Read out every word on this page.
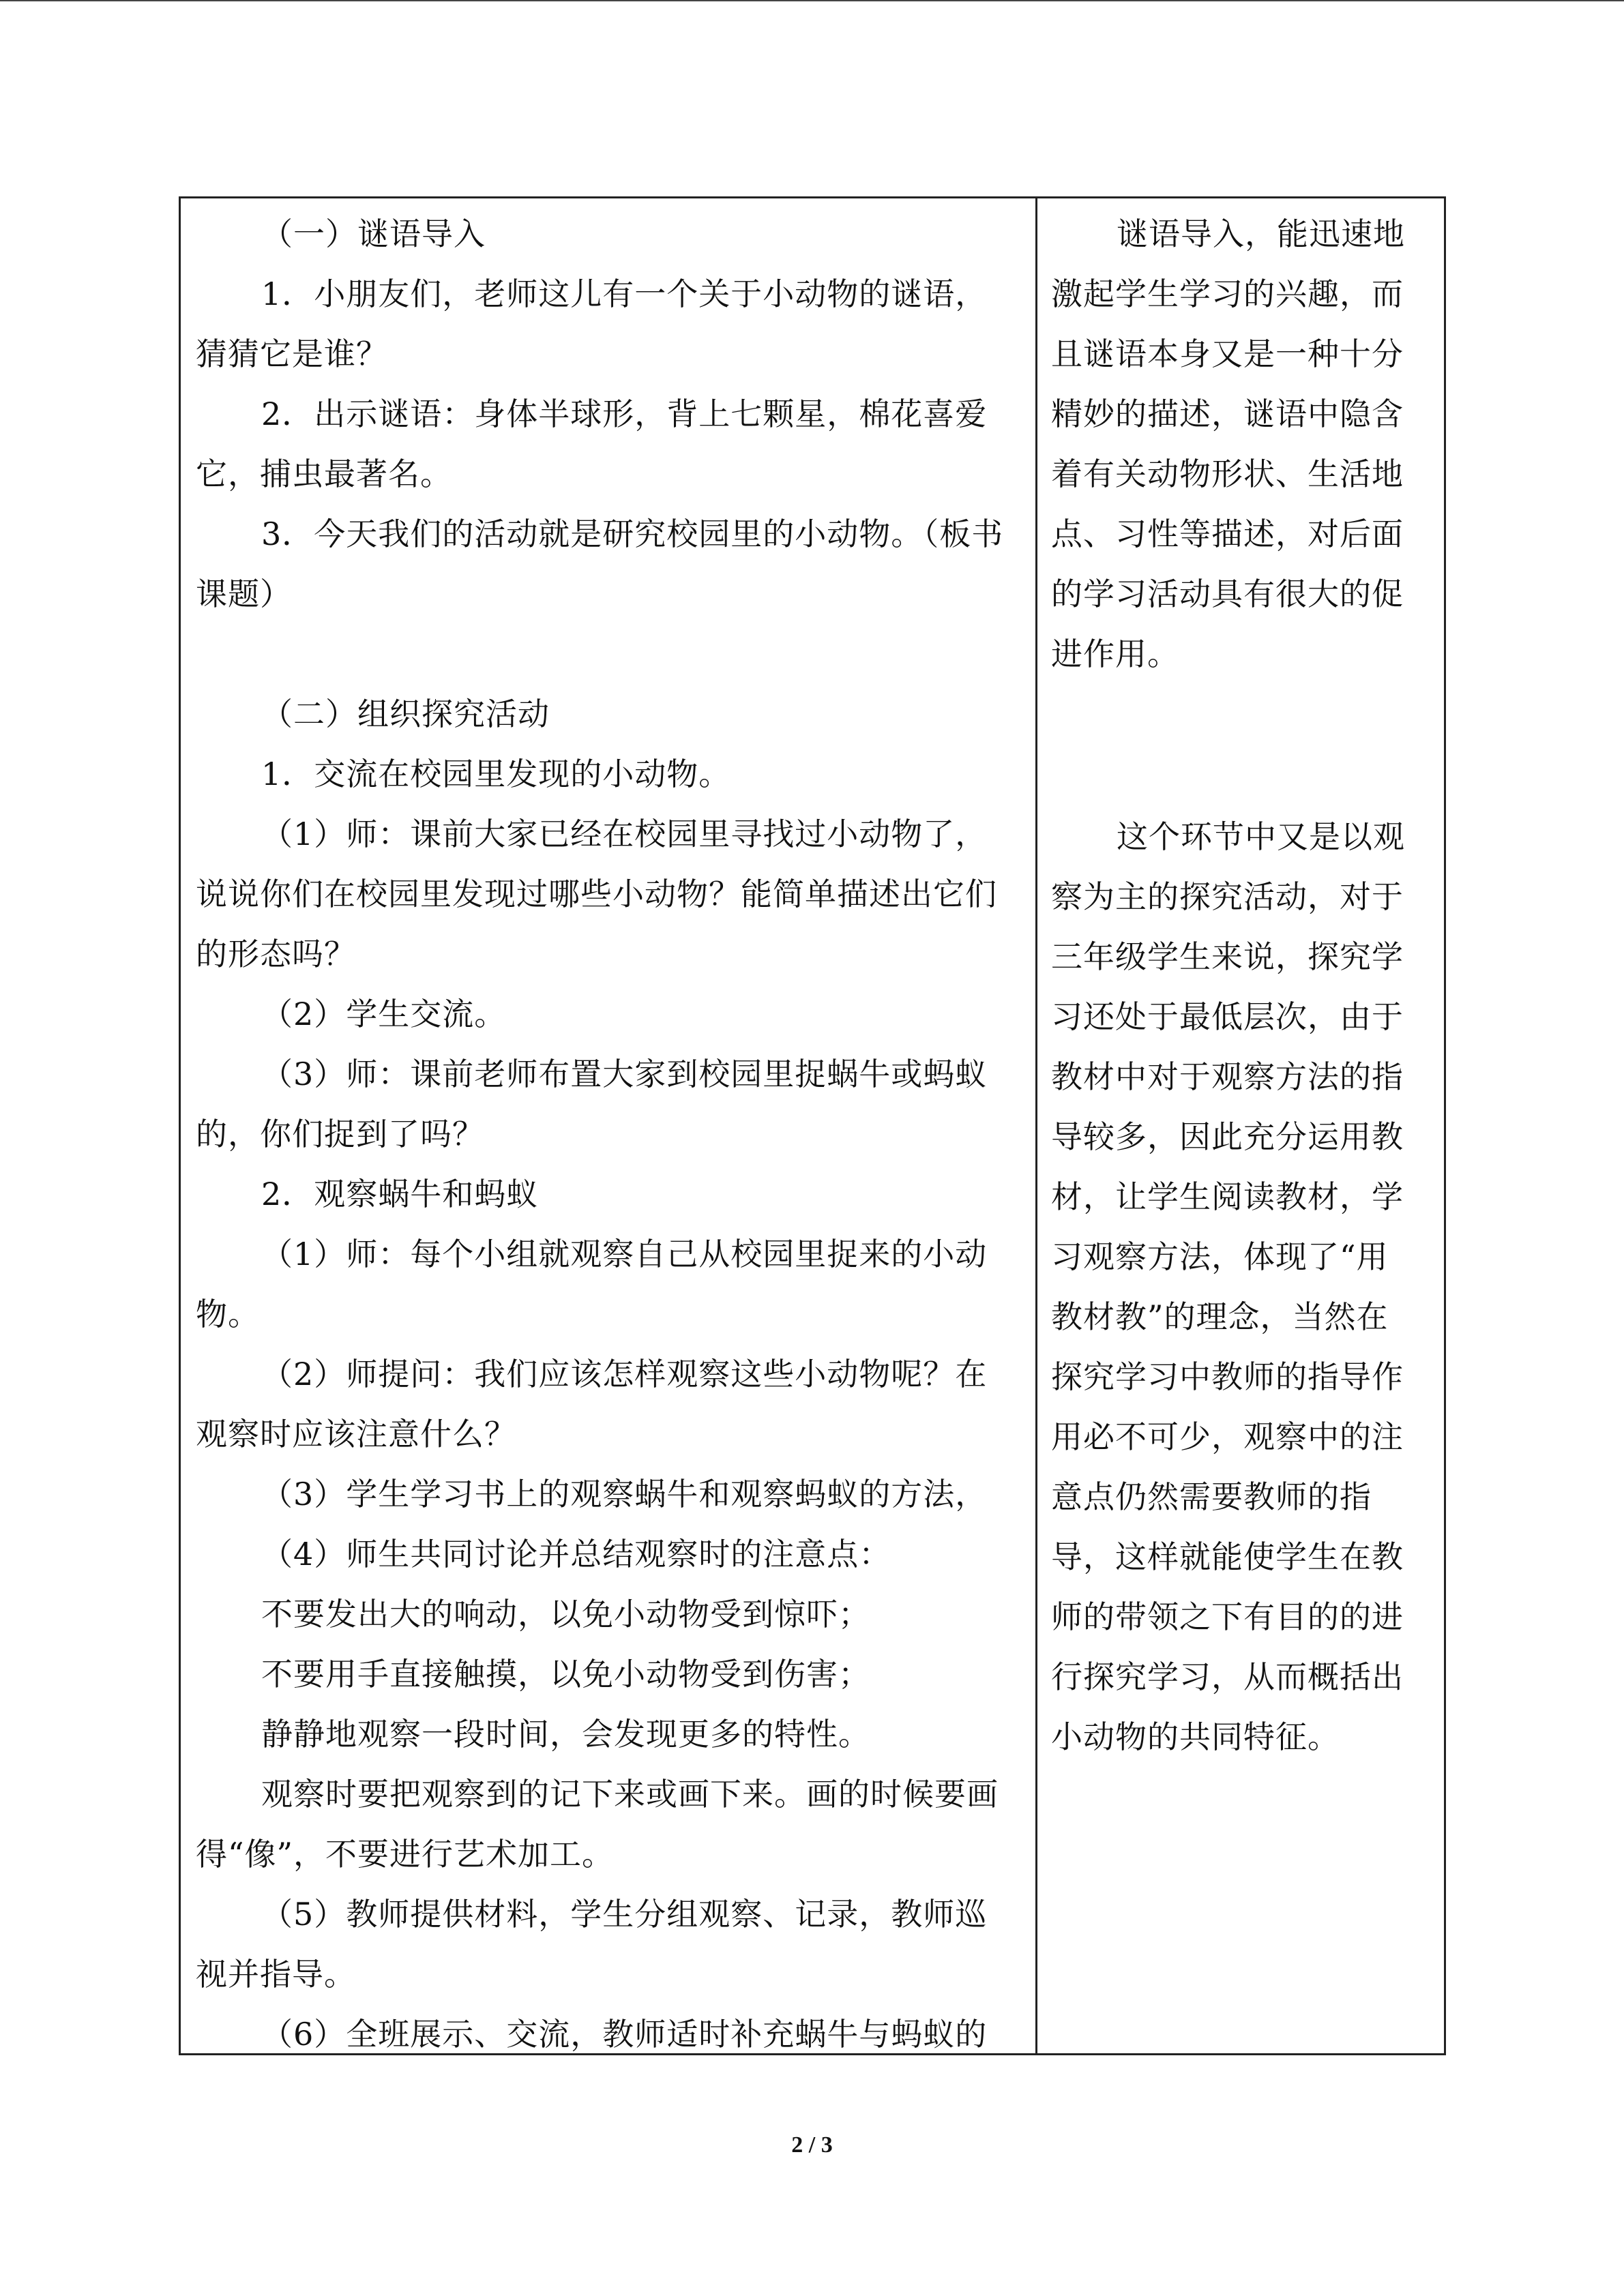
（一）谜语导入
1．小朋友们，老师这儿有一个关于小动物的谜语，
猜猜它是谁？
2．出示谜语：身体半球形，背上七颗星，棉花喜爱
它，捕虫最著名。
3．今天我们的活动就是研究校园里的小动物。（板书
课题）
（二）组织探究活动
1．交流在校园里发现的小动物。
（1）师：课前大家已经在校园里寻找过小动物了，
说说你们在校园里发现过哪些小动物？能简单描述出它们
的形态吗？
（2）学生交流。
（3）师：课前老师布置大家到校园里捉蜗牛或蚂蚁
的，你们捉到了吗？
2．观察蜗牛和蚂蚁
（1）师：每个小组就观察自己从校园里捉来的小动
物。
（2）师提问：我们应该怎样观察这些小动物呢？在
观察时应该注意什么？
（3）学生学习书上的观察蜗牛和观察蚂蚁的方法，
（4）师生共同讨论并总结观察时的注意点：
不要发出大的响动，以免小动物受到惊吓；
不要用手直接触摸，以免小动物受到伤害；
静静地观察一段时间，会发现更多的特性。
观察时要把观察到的记下来或画下来。画的时候要画
得“像”，不要进行艺术加工。
（5）教师提供材料，学生分组观察、记录，教师巡
视并指导。
（6）全班展示、交流，教师适时补充蜗牛与蚂蚁的
谜语导入，能迅速地
激起学生学习的兴趣，而
且谜语本身又是一种十分
精妙的描述，谜语中隐含
着有关动物形状、生活地
点、习性等描述，对后面
的学习活动具有很大的促
进作用。
这个环节中又是以观
察为主的探究活动，对于
三年级学生来说，探究学
习还处于最低层次，由于
教材中对于观察方法的指
导较多，因此充分运用教
材，让学生阅读教材，学
习观察方法，体现了“用
教材教”的理念，当然在
探究学习中教师的指导作
用必不可少，观察中的注
意点仍然需要教师的指
导，这样就能使学生在教
师的带领之下有目的的进
行探究学习，从而概括出
小动物的共同特征。
2 / 3
